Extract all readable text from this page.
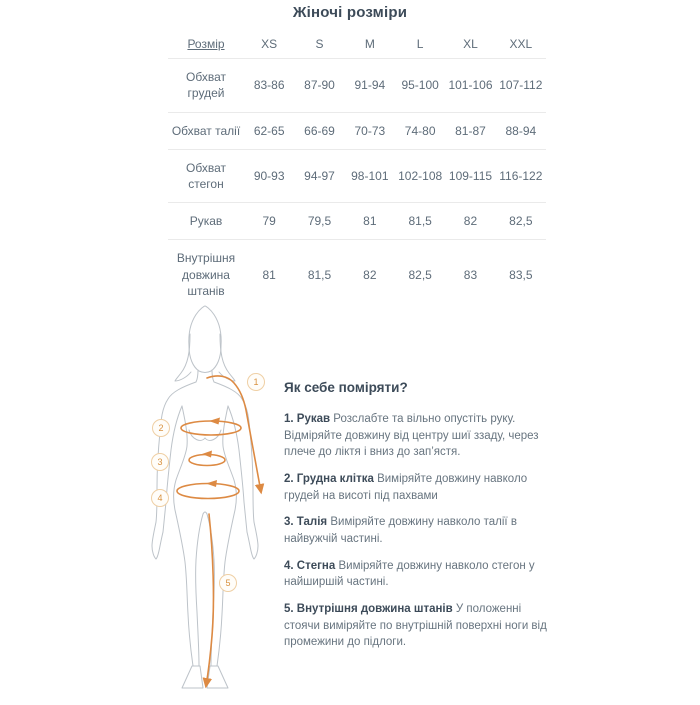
Жіночі розміри
Розмір	XS	S	M	L	XL	XXL
Обхват грудей	83-86	87-90	91-94	95-100	101-106	107-112
Обхват талії	62-65	66-69	70-73	74-80	81-87	88-94
Обхват стегон	90-93	94-97	98-101	102-108	109-115	116-122
Рукав	79	79,5	81	81,5	82	82,5
Внутрішня довжина штанів	81	81,5	82	82,5	83	83,5
1
2
3
4
5
Як себе поміряти?

1. Рукав Розслабте та вільно опустіть руку. Відміряйте довжину від центру шиї ззаду, через плече до ліктя і вниз до зап’ястя.

2. Грудна клітка Виміряйте довжину навколо грудей на висоті під пахвами

3. Талія Виміряйте довжину навколо талії в найвужчій частині.

4. Стегна Виміряйте довжину навколо стегон у найширшій частині.

5. Внутрішня довжина штанів У положенні стоячи виміряйте по внутрішній поверхні ноги від промежини до підлоги.
